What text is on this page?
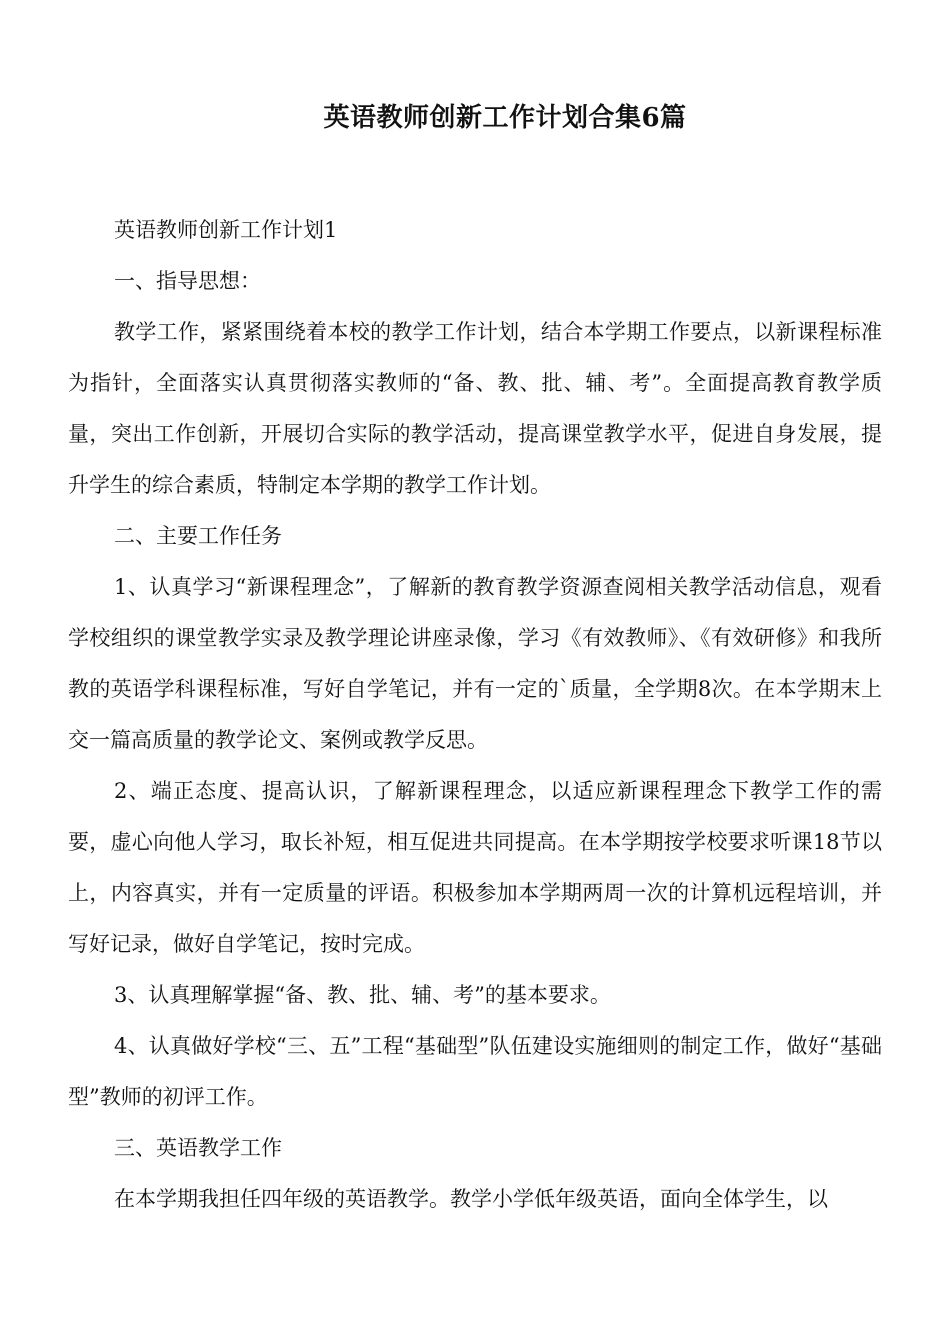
英语教师创新工作计划合集6篇

英语教师创新工作计划1

一、指导思想：

教学工作，紧紧围绕着本校的教学工作计划，结合本学期工作要点，以新课程标准为指针，全面落实认真贯彻落实教师的“备、教、批、辅、考”。全面提高教育教学质量，突出工作创新，开展切合实际的教学活动，提高课堂教学水平，促进自身发展，提升学生的综合素质，特制定本学期的教学工作计划。

二、主要工作任务

1、认真学习“新课程理念”，了解新的教育教学资源查阅相关教学活动信息，观看学校组织的课堂教学实录及教学理论讲座录像，学习《有效教师》、《有效研修》和我所教的英语学科课程标准，写好自学笔记，并有一定的`质量，全学期8次。在本学期末上交一篇高质量的教学论文、案例或教学反思。

2、端正态度、提高认识，了解新课程理念，以适应新课程理念下教学工作的需要，虚心向他人学习，取长补短，相互促进共同提高。在本学期按学校要求听课18节以上，内容真实，并有一定质量的评语。积极参加本学期两周一次的计算机远程培训，并写好记录，做好自学笔记，按时完成。

3、认真理解掌握“备、教、批、辅、考”的基本要求。

4、认真做好学校“三、五”工程“基础型”队伍建设实施细则的制定工作，做好“基础型”教师的初评工作。

三、英语教学工作

在本学期我担任四年级的英语教学。教学小学低年级英语，面向全体学生，以
